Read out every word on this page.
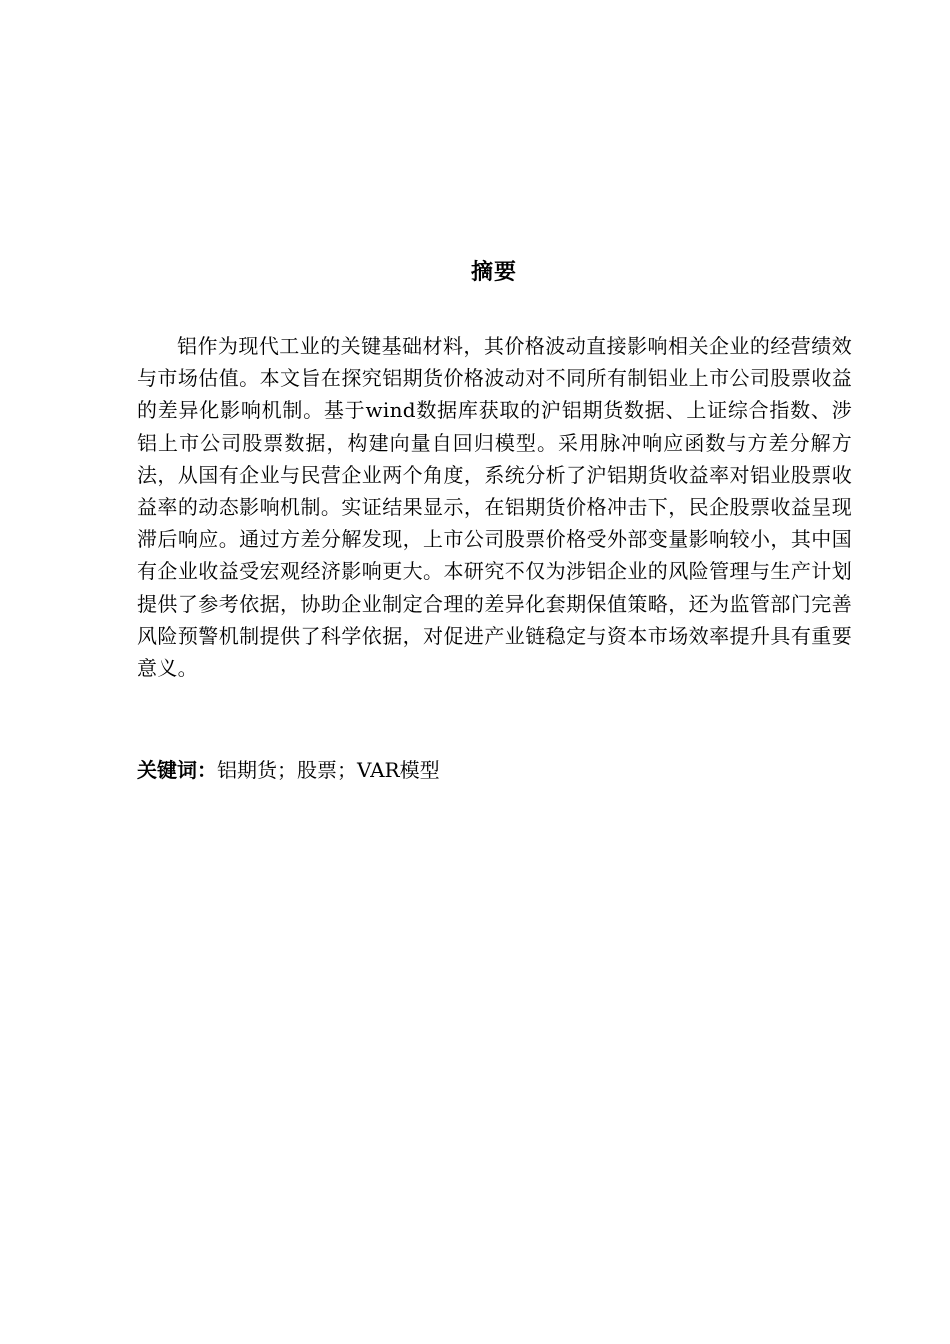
摘要

铝作为现代工业的关键基础材料，其价格波动直接影响相关企业的经营绩效与市场估值。本文旨在探究铝期货价格波动对不同所有制铝业上市公司股票收益的差异化影响机制。基于wind数据库获取的沪铝期货数据、上证综合指数、涉铝上市公司股票数据，构建向量自回归模型。采用脉冲响应函数与方差分解方法，从国有企业与民营企业两个角度，系统分析了沪铝期货收益率对铝业股票收益率的动态影响机制。实证结果显示，在铝期货价格冲击下，民企股票收益呈现滞后响应。通过方差分解发现，上市公司股票价格受外部变量影响较小，其中国有企业收益受宏观经济影响更大。本研究不仅为涉铝企业的风险管理与生产计划提供了参考依据，协助企业制定合理的差异化套期保值策略，还为监管部门完善风险预警机制提供了科学依据，对促进产业链稳定与资本市场效率提升具有重要意义。

关键词：铝期货；股票；VAR模型
